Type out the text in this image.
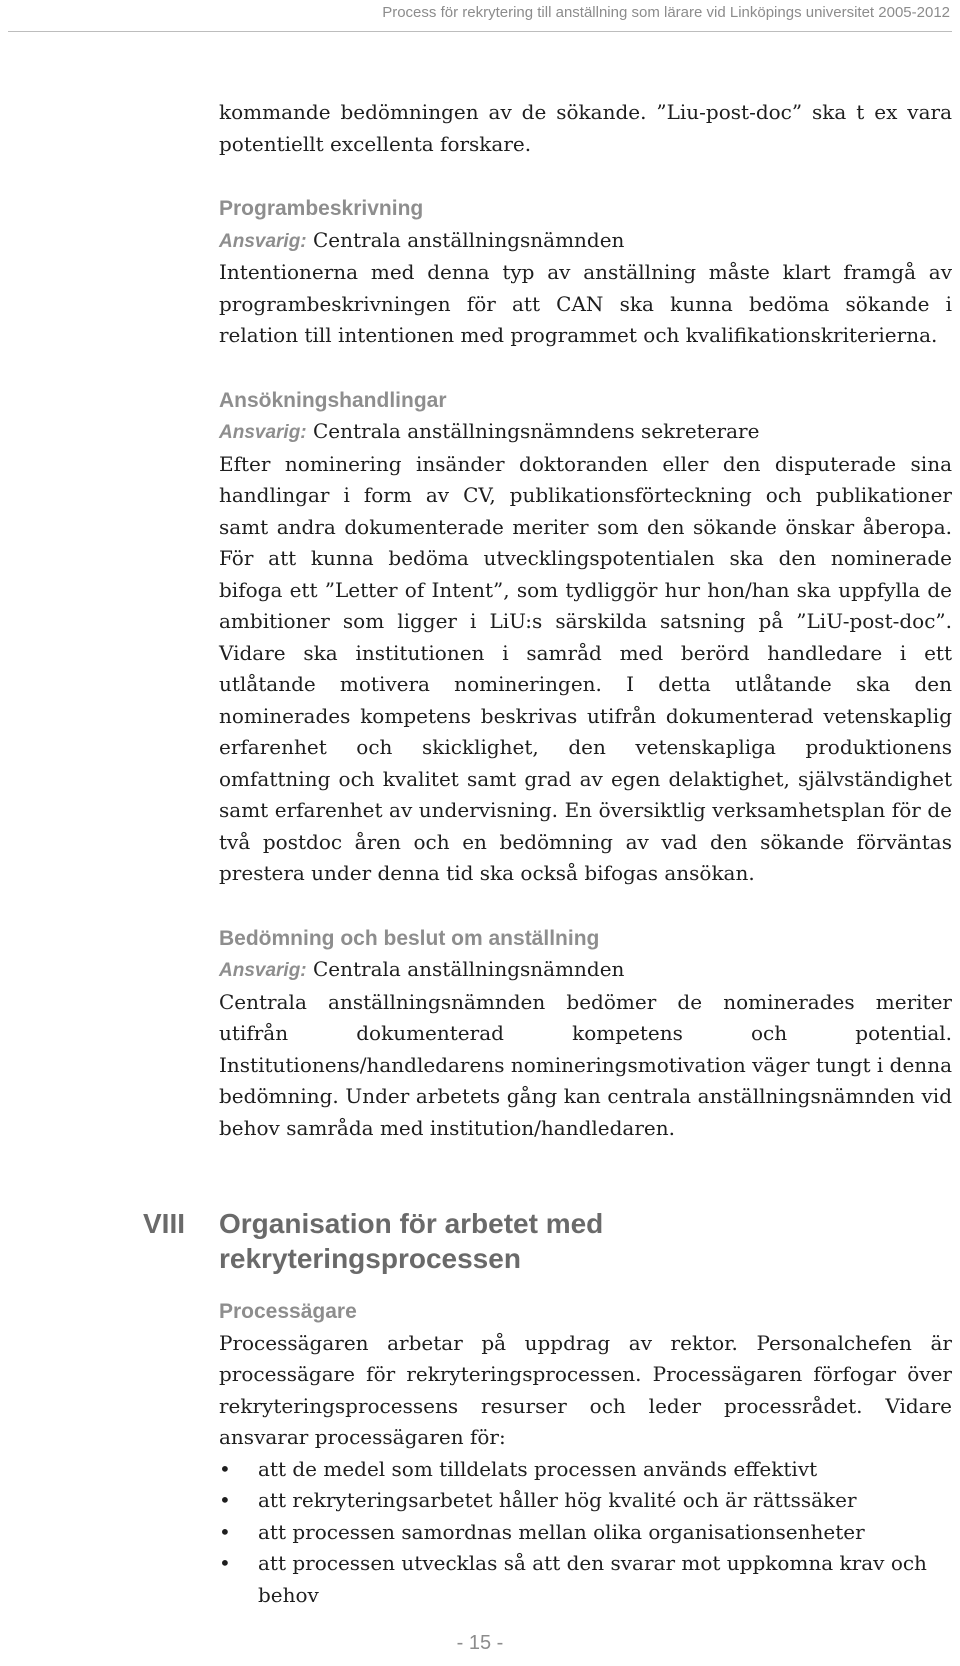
Process för rekrytering till anställning som lärare vid Linköpings universitet 2005-2012

kommande bedömningen av de sökande. ”Liu-post-doc” ska t ex vara potentiellt excellenta forskare.

Programbeskrivning
Ansvarig: Centrala anställningsnämnden

Intentionerna med denna typ av anställning måste klart framgå av programbeskrivningen för att CAN ska kunna bedöma sökande i relation till intentionen med programmet och kvalifikationskriterierna.

Ansökningshandlingar
Ansvarig: Centrala anställningsnämndens sekreterare

Efter nominering insänder doktoranden eller den disputerade sina handlingar i form av CV, publikationsförteckning och publikationer samt andra dokumenterade meriter som den sökande önskar åberopa. För att kunna bedöma utvecklingspotentialen ska den nominerade bifoga ett ”Letter of Intent”, som tydliggör hur hon/han ska uppfylla de ambitioner som ligger i LiU:s särskilda satsning på ”LiU-post-doc”. Vidare ska institutionen i samråd med berörd handledare i ett utlåtande motivera nomineringen. I detta utlåtande ska den nominerades kompetens beskrivas utifrån dokumenterad vetenskaplig erfarenhet och skicklighet, den vetenskapliga produktionens omfattning och kvalitet samt grad av egen delaktighet, självständighet samt erfarenhet av undervisning. En översiktlig verksamhetsplan för de två postdoc åren och en bedömning av vad den sökande förväntas prestera under denna tid ska också bifogas ansökan.

Bedömning och beslut om anställning
Ansvarig: Centrala anställningsnämnden

Centrala anställningsnämnden bedömer de nominerades meriter utifrån dokumenterad kompetens och potential. Institutionens/handledarens nomineringsmotivation väger tungt i denna bedömning. Under arbetets gång kan centrala anställningsnämnden vid behov samråda med institution/handledaren.

VIII Organisation för arbetet med rekryteringsprocessen
Processägare

Processägaren arbetar på uppdrag av rektor. Personalchefen är processägare för rekryteringsprocessen. Processägaren förfogar över rekryteringsprocessens resurser och leder processrådet. Vidare ansvarar processägaren för:

• att de medel som tilldelats processen används effektivt
• att rekryteringsarbetet håller hög kvalité och är rättssäker
• att processen samordnas mellan olika organisationsenheter
• att processen utvecklas så att den svarar mot uppkomna krav och behov
- 15 -
